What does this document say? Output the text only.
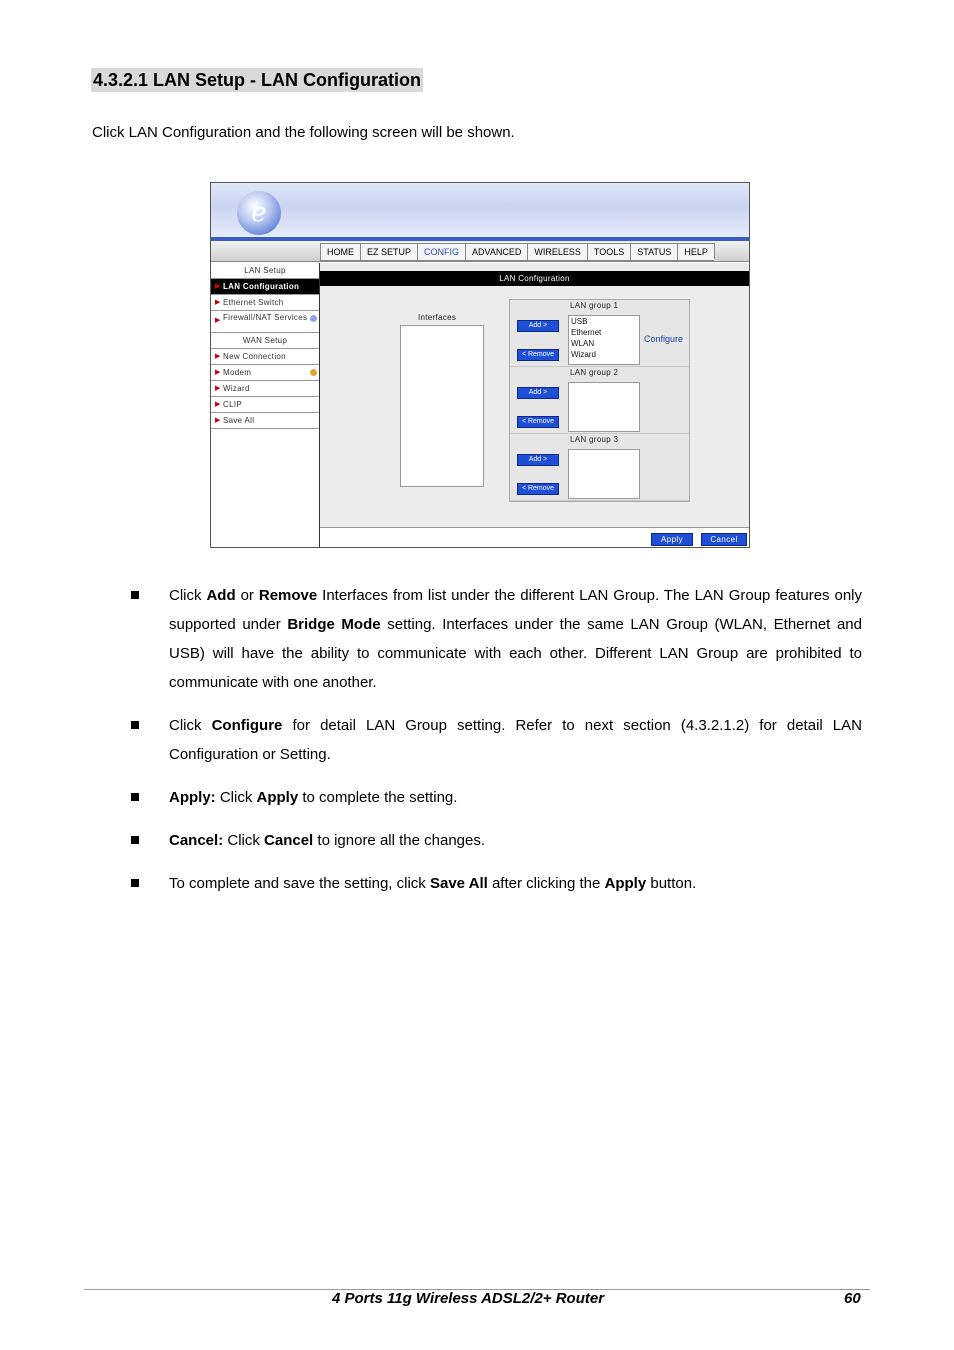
4.3.2.1 LAN Setup - LAN Configuration
Click LAN Configuration and the following screen will be shown.
e
HOME	EZ SETUP	CONFIG	ADVANCED	WIRELESS	TOOLS	STATUS	HELP
LAN Setup
▶ LAN Configuration
▶ Ethernet Switch
▶ Firewall/NAT Services
WAN Setup
▶ New Connection
▶ Modem
▶ Wizard
▶ CLIP
▶ Save All
LAN Configuration
Interfaces
LAN group 1
Add >
< Remove
USB
Ethernet
WLAN
Wizard
Configure
LAN group 2
Add >
< Remove
LAN group 3
Add >
< Remove
Apply	Cancel
Click Add or Remove Interfaces from list under the different LAN Group. The LAN Group features only supported under Bridge Mode setting. Interfaces under the same LAN Group (WLAN, Ethernet and USB) will have the ability to communicate with each other. Different LAN Group are prohibited to communicate with one another.
Click Configure for detail LAN Group setting. Refer to next section (4.3.2.1.2) for detail LAN Configuration or Setting.
Apply: Click Apply to complete the setting.
Cancel: Click Cancel to ignore all the changes.
To complete and save the setting, click Save All after clicking the Apply button.
4 Ports 11g Wireless ADSL2/2+ Router	60
